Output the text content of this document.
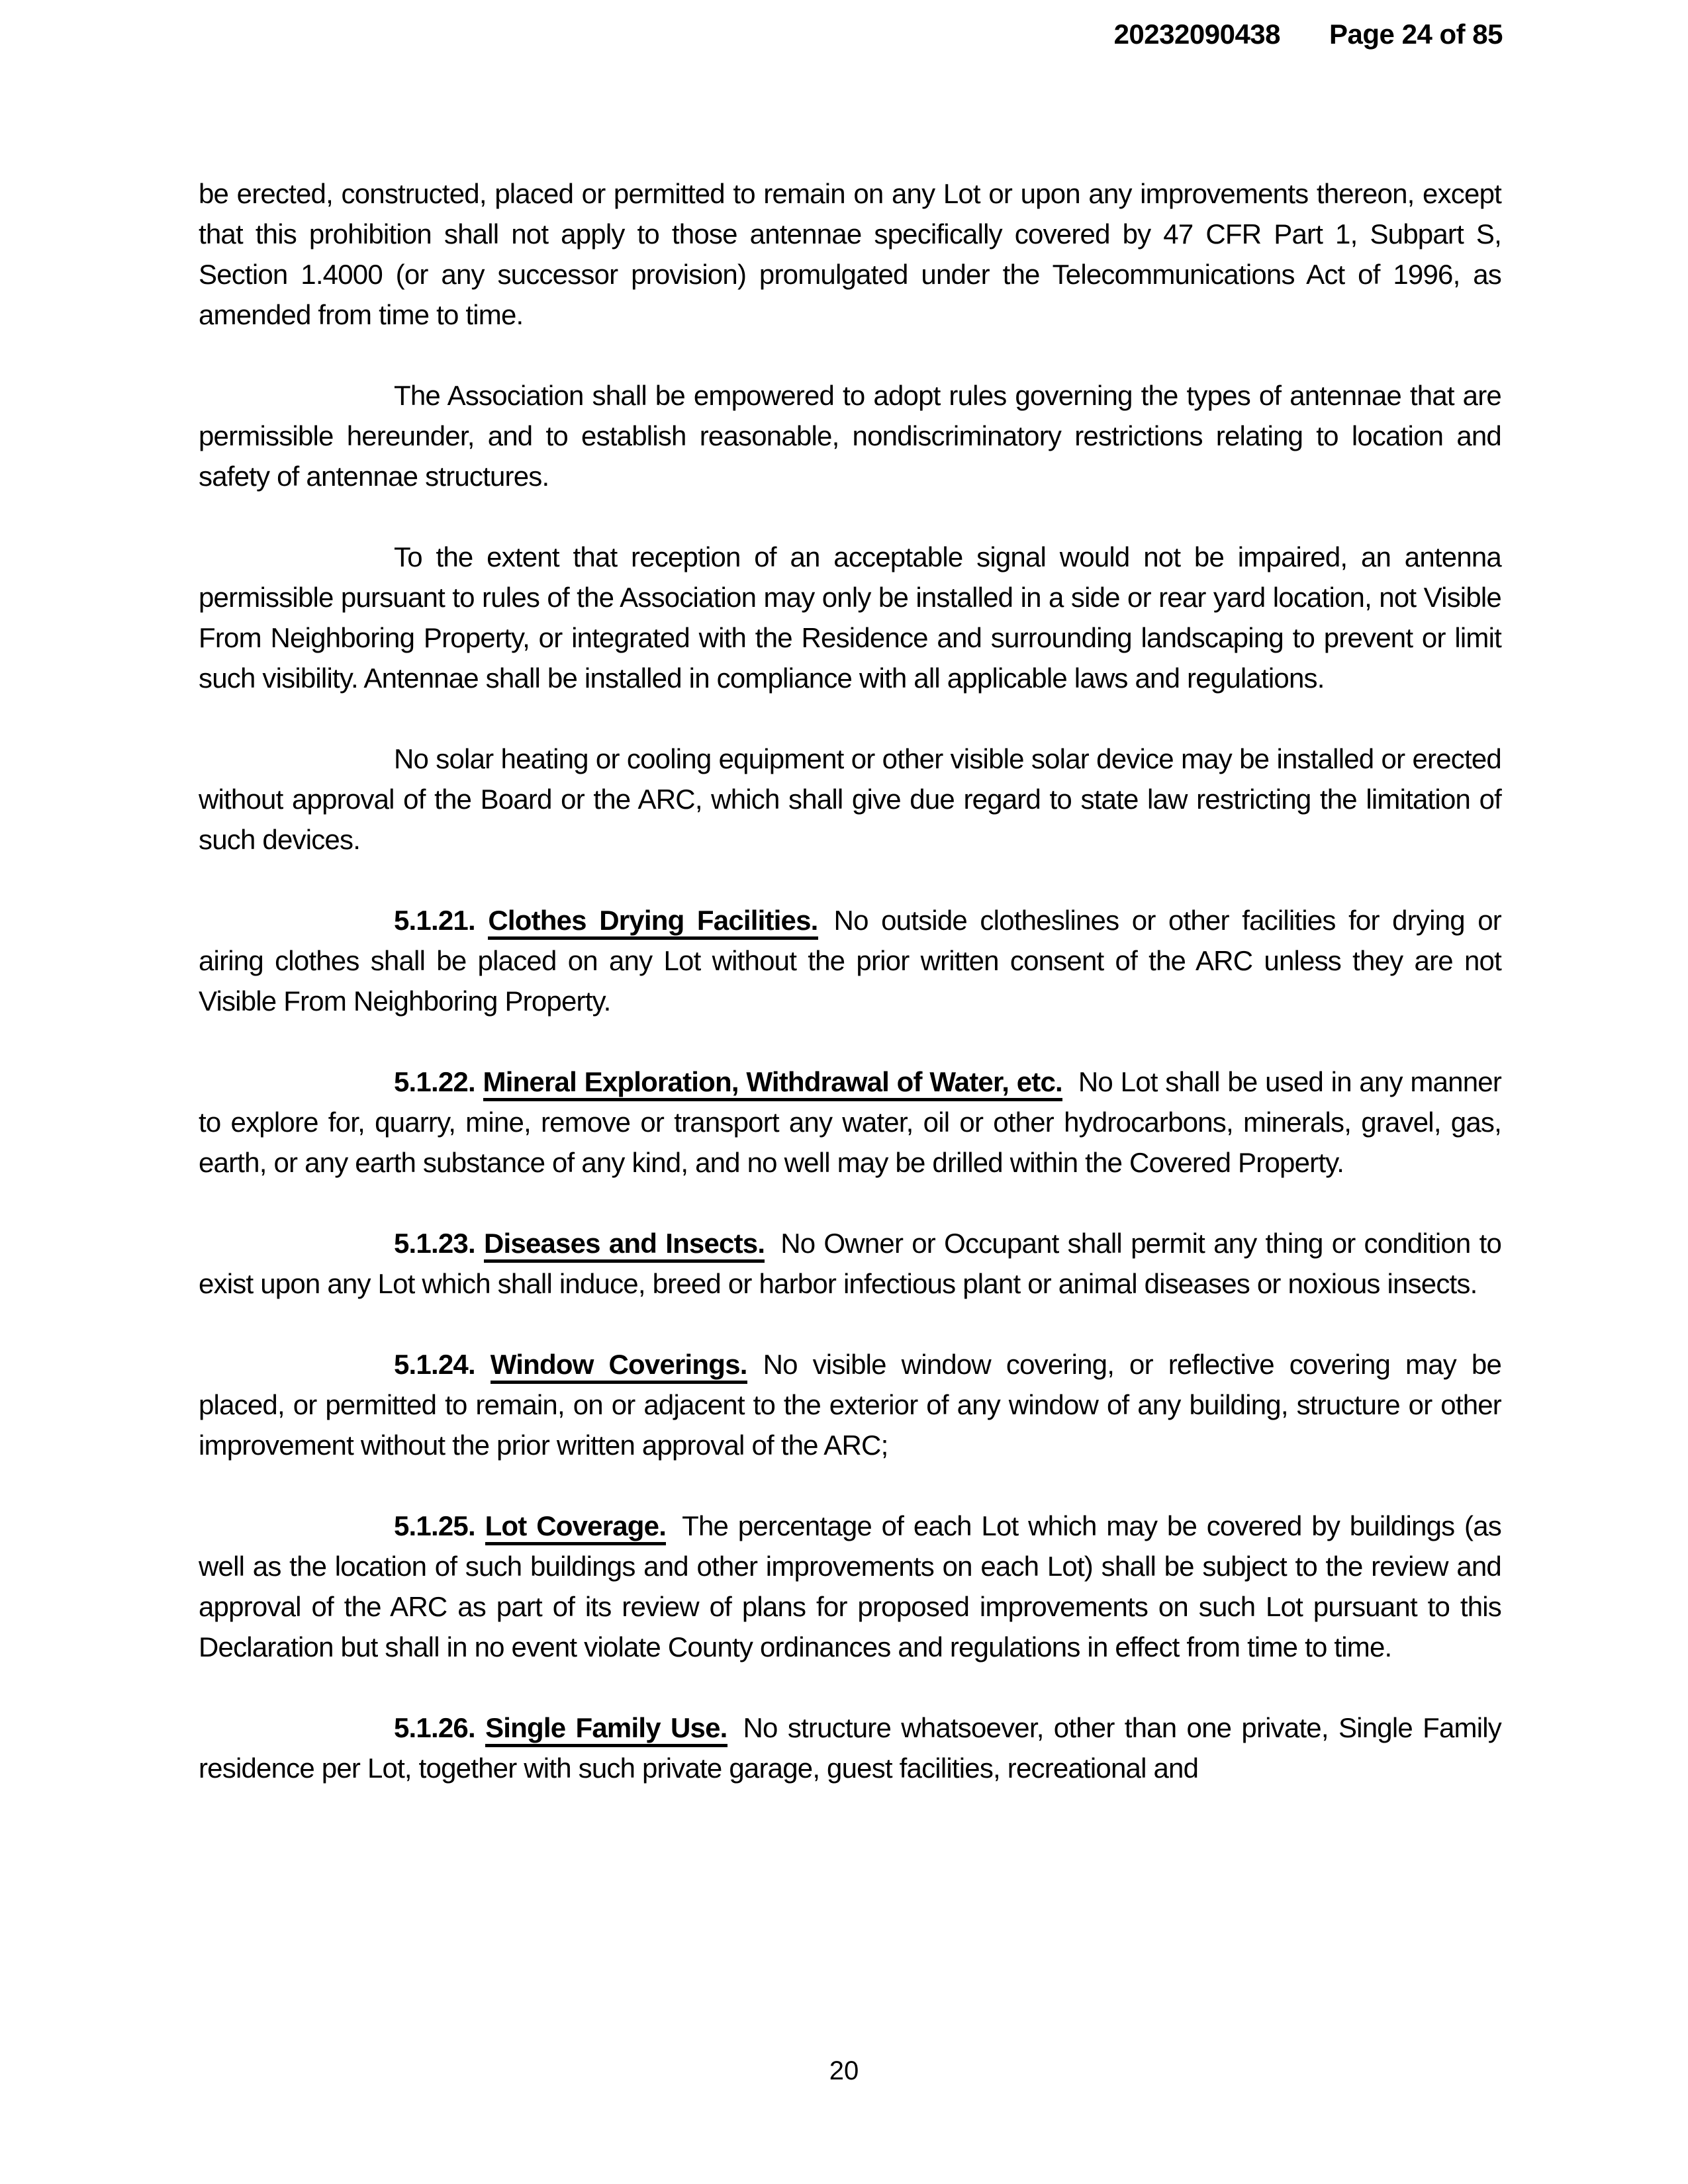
20232090438 Page 24 of 85

be erected, constructed, placed or permitted to remain on any Lot or upon any improvements thereon, except that this prohibition shall not apply to those antennae specifically covered by 47 CFR Part 1, Subpart S, Section 1.4000 (or any successor provision) promulgated under the Telecommunications Act of 1996, as amended from time to time.

The Association shall be empowered to adopt rules governing the types of antennae that are permissible hereunder, and to establish reasonable, nondiscriminatory restrictions relating to location and safety of antennae structures.

To the extent that reception of an acceptable signal would not be impaired, an antenna permissible pursuant to rules of the Association may only be installed in a side or rear yard location, not Visible From Neighboring Property, or integrated with the Residence and surrounding landscaping to prevent or limit such visibility. Antennae shall be installed in compliance with all applicable laws and regulations.

No solar heating or cooling equipment or other visible solar device may be installed or erected without approval of the Board or the ARC, which shall give due regard to state law restricting the limitation of such devices.

5.1.21. Clothes Drying Facilities. No outside clotheslines or other facilities for drying or airing clothes shall be placed on any Lot without the prior written consent of the ARC unless they are not Visible From Neighboring Property.

5.1.22. Mineral Exploration, Withdrawal of Water, etc. No Lot shall be used in any manner to explore for, quarry, mine, remove or transport any water, oil or other hydrocarbons, minerals, gravel, gas, earth, or any earth substance of any kind, and no well may be drilled within the Covered Property.

5.1.23. Diseases and Insects. No Owner or Occupant shall permit any thing or condition to exist upon any Lot which shall induce, breed or harbor infectious plant or animal diseases or noxious insects.

5.1.24. Window Coverings. No visible window covering, or reflective covering may be placed, or permitted to remain, on or adjacent to the exterior of any window of any building, structure or other improvement without the prior written approval of the ARC;

5.1.25. Lot Coverage. The percentage of each Lot which may be covered by buildings (as well as the location of such buildings and other improvements on each Lot) shall be subject to the review and approval of the ARC as part of its review of plans for proposed improvements on such Lot pursuant to this Declaration but shall in no event violate County ordinances and regulations in effect from time to time.

5.1.26. Single Family Use. No structure whatsoever, other than one private, Single Family residence per Lot, together with such private garage, guest facilities, recreational and

20
